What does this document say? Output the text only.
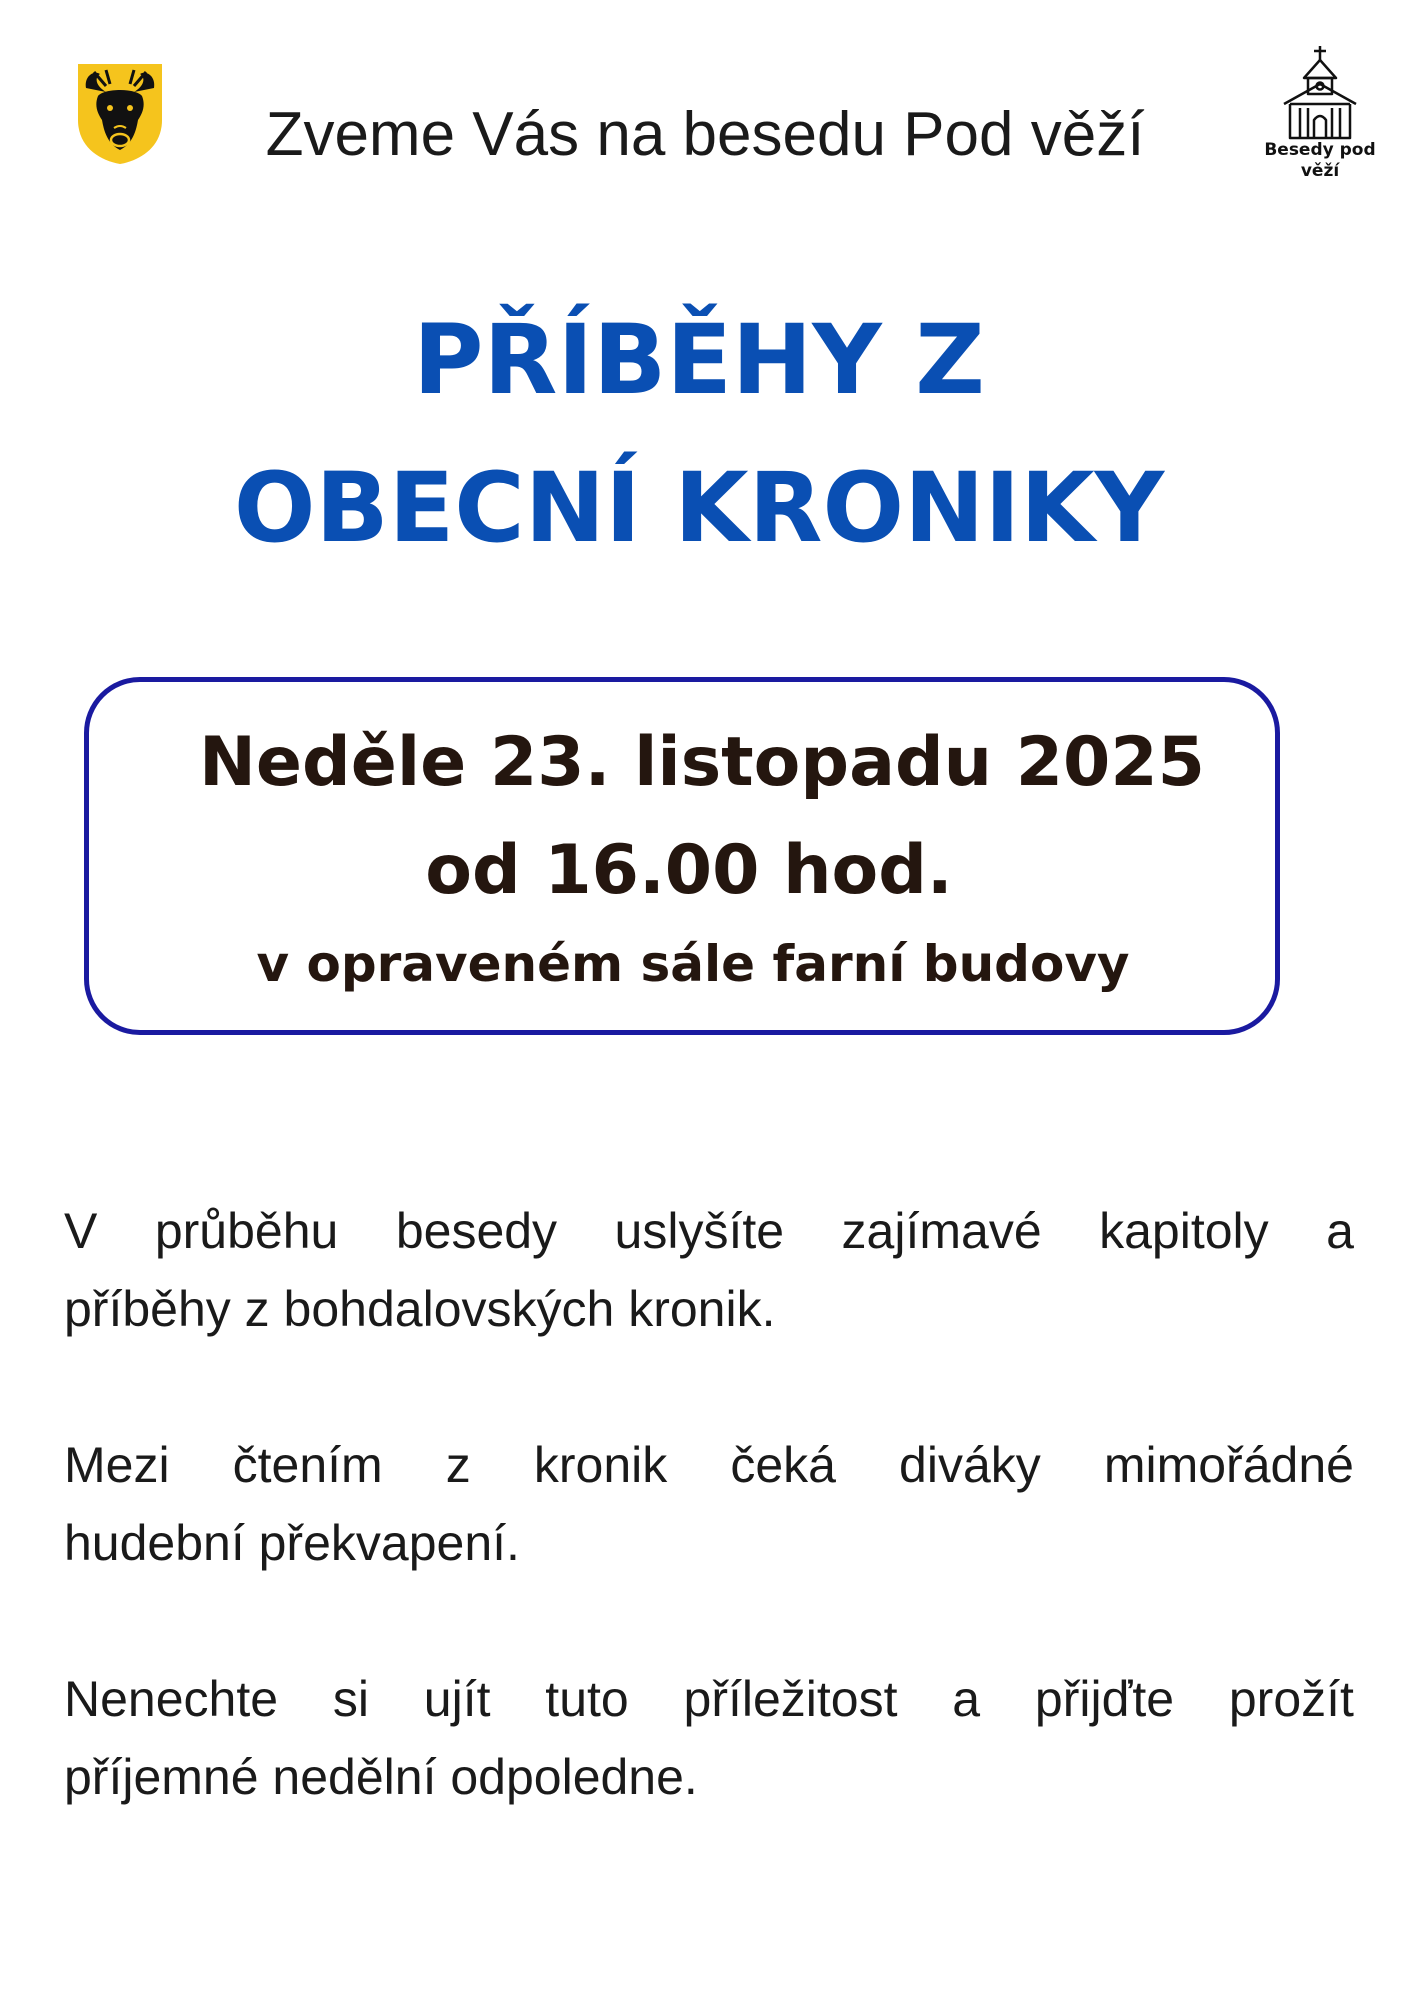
Zveme Vás na besedu Pod věží	Besedy pod věží
PŘÍBĚHY Z
OBECNÍ KRONIKY
Neděle 23. listopadu 2025
od 16.00 hod.
v opraveném sále farní budovy
V průběhu besedy uslyšíte zajímavé kapitoly a
příběhy z bohdalovských kronik.
Mezi čtením z kronik čeká diváky mimořádné
hudební překvapení.
Nenechte si ujít tuto příležitost a přijďte prožít
příjemné nedělní odpoledne.
